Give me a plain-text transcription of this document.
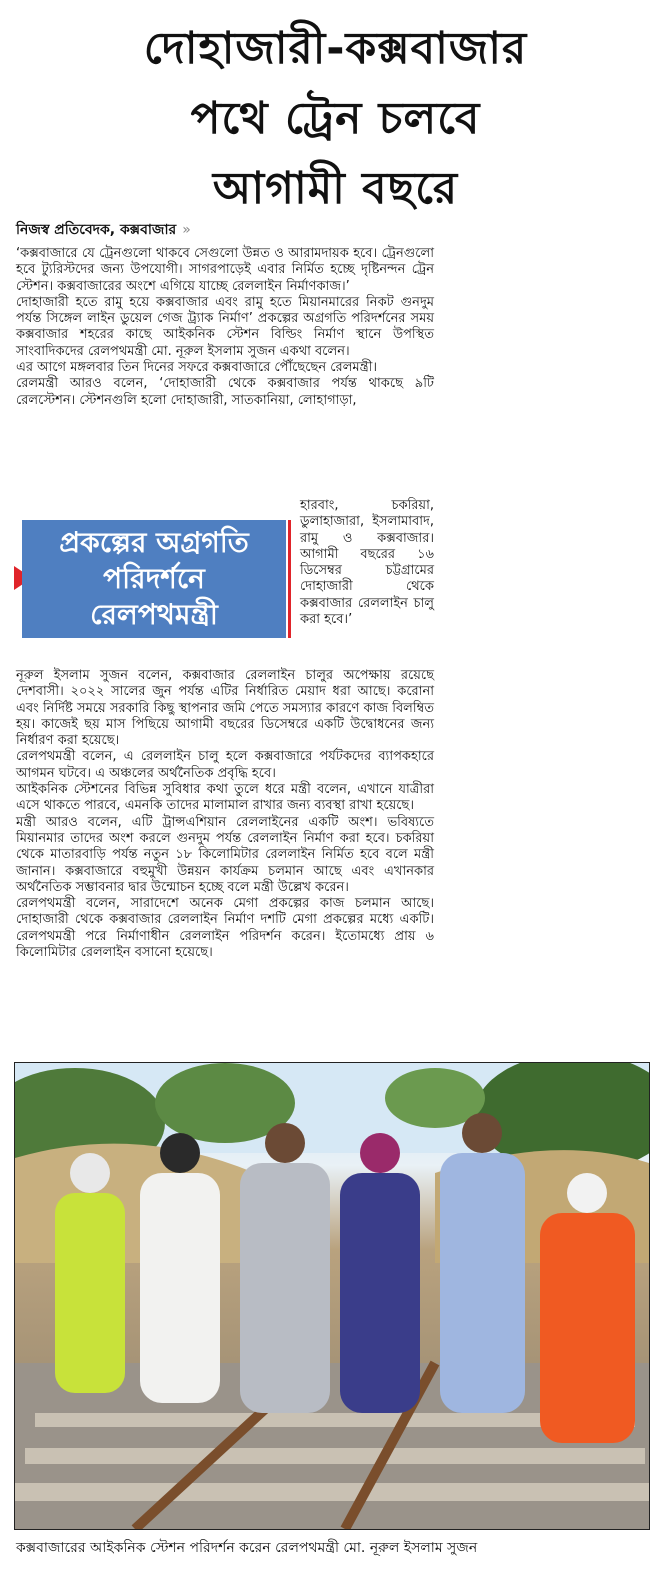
দোহাজারী-কক্সবাজার
পথে ট্রেন চলবে
আগামী বছরে
নিজস্ব প্রতিবেদক, কক্সবাজার »

‘কক্সবাজারে যে ট্রেনগুলো থাকবে সেগুলো উন্নত ও আরামদায়ক হবে। ট্রেনগুলো হবে ট্যুরিস্টদের জন্য উপযোগী। সাগরপাড়েই এবার নির্মিত হচ্ছে দৃষ্টিনন্দন ট্রেন স্টেশন। কক্সবাজারের অংশে এগিয়ে যাচ্ছে রেললাইন নির্মাণকাজ।’

দোহাজারী হতে রামু হয়ে কক্সবাজার এবং রামু হতে মিয়ানমারের নিকট গুনদুম পর্যন্ত সিঙ্গেল লাইন ডুয়েল গেজ ট্র্যাক নির্মাণ’ প্রকল্পের অগ্রগতি পরিদর্শনের সময় কক্সবাজার শহরের কাছে আইকনিক স্টেশন বিল্ডিং নির্মাণ স্থানে উপস্থিত সাংবাদিকদের রেলপথমন্ত্রী মো. নূরুল ইসলাম সুজন একথা বলেন।

এর আগে মঙ্গলবার তিন দিনের সফরে কক্সবাজারে পৌঁছেছেন রেলমন্ত্রী।

রেলমন্ত্রী আরও বলেন, ‘দোহাজারী থেকে কক্সবাজার পর্যন্ত থাকছে ৯টি রেলস্টেশন। স্টেশনগুলি হলো দোহাজারী, সাতকানিয়া, লোহাগাড়া,

প্রকল্পের অগ্রগতি
পরিদর্শনে
রেলপথমন্ত্রী

হারবাং, চকরিয়া, ডুলাহাজারা, ইসলামাবাদ, রামু ও কক্সবাজার। আগামী বছরের ১৬ ডিসেম্বর চট্টগ্রামের দোহাজারী থেকে কক্সবাজার রেললাইন চালু করা হবে।’

নূরুল ইসলাম সুজন বলেন, কক্সবাজার রেললাইন চালুর অপেক্ষায় রয়েছে দেশবাসী। ২০২২ সালের জুন পর্যন্ত এটির নির্ধারিত মেয়াদ ধরা আছে। করোনা এবং নির্দিষ্ট সময়ে সরকারি কিছু স্থাপনার জমি পেতে সমস্যার কারণে কাজ বিলম্বিত হয়। কাজেই ছয় মাস পিছিয়ে আগামী বছরের ডিসেম্বরে একটি উদ্বোধনের জন্য নির্ধারণ করা হয়েছে।

রেলপথমন্ত্রী বলেন, এ রেললাইন চালু হলে কক্সবাজারে পর্যটকদের ব্যাপকহারে আগমন ঘটবে। এ অঞ্চলের অর্থনৈতিক প্রবৃদ্ধি হবে।

আইকনিক স্টেশনের বিভিন্ন সুবিধার কথা তুলে ধরে মন্ত্রী বলেন, এখানে যাত্রীরা এসে থাকতে পারবে, এমনকি তাদের মালামাল রাখার জন্য ব্যবস্থা রাখা হয়েছে।

মন্ত্রী আরও বলেন, এটি ট্রান্সএশিয়ান রেললাইনের একটি অংশ। ভবিষ্যতে মিয়ানমার তাদের অংশ করলে গুনদুম পর্যন্ত রেললাইন নির্মাণ করা হবে। চকরিয়া থেকে মাতারবাড়ি পর্যন্ত নতুন ১৮ কিলোমিটার রেললাইন নির্মিত হবে বলে মন্ত্রী জানান। কক্সবাজারে বহুমুখী উন্নয়ন কার্যক্রম চলমান আছে এবং এখানকার অর্থনৈতিক সম্ভাবনার দ্বার উন্মোচন হচ্ছে বলে মন্ত্রী উল্লেখ করেন।

রেলপথমন্ত্রী বলেন, সারাদেশে অনেক মেগা প্রকল্পের কাজ চলমান আছে। দোহাজারী থেকে কক্সবাজার রেললাইন নির্মাণ দশটি মেগা প্রকল্পের মধ্যে একটি। রেলপথমন্ত্রী পরে নির্মাণাধীন রেললাইন পরিদর্শন করেন। ইতোমধ্যে প্রায় ৬ কিলোমিটার রেললাইন বসানো হয়েছে।

কক্সবাজারের আইকনিক স্টেশন পরিদর্শন করেন রেলপথমন্ত্রী মো. নূরুল ইসলাম সুজন
